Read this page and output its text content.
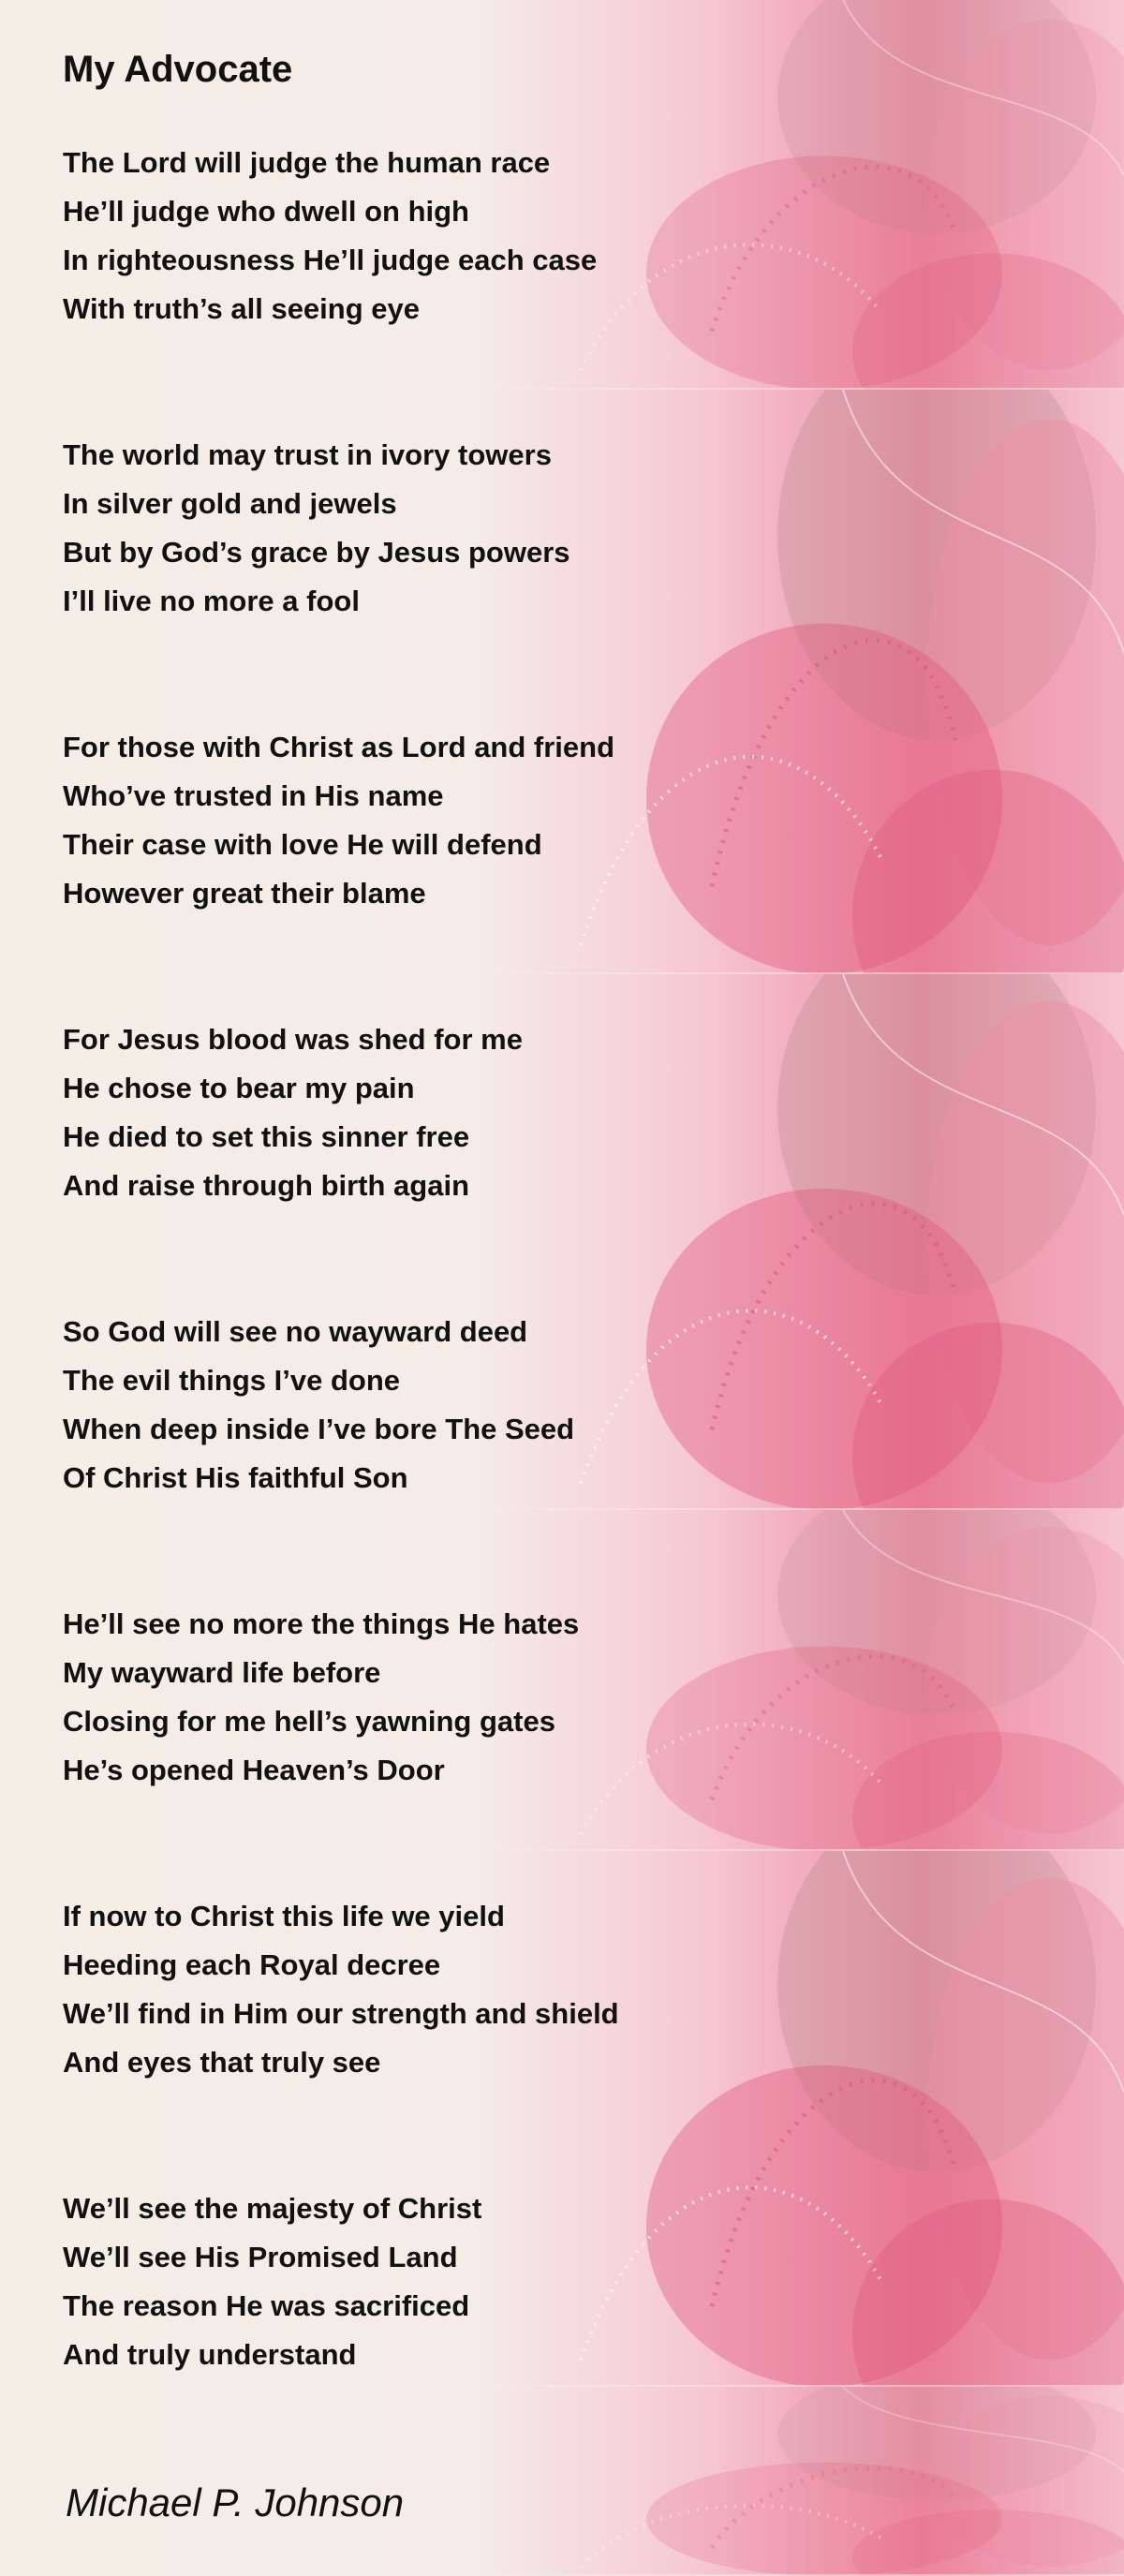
My Advocate
The Lord will judge the human race
He’ll judge who dwell on high
In righteousness He’ll judge each case
With truth’s all seeing eye
The world may trust in ivory towers
In silver gold and jewels
But by God’s grace by Jesus powers
I’ll live no more a fool
For those with Christ as Lord and friend
Who’ve trusted in His name
Their case with love He will defend
However great their blame
For Jesus blood was shed for me
He chose to bear my pain
He died to set this sinner free
And raise through birth again
So God will see no wayward deed
The evil things I’ve done
When deep inside I’ve bore The Seed
Of Christ His faithful Son
He’ll see no more the things He hates
My wayward life before
Closing for me hell’s yawning gates
He’s opened Heaven’s Door
If now to Christ this life we yield
Heeding each Royal decree
We’ll find in Him our strength and shield
And eyes that truly see
We’ll see the majesty of Christ
We’ll see His Promised Land
The reason He was sacrificed
And truly understand

Michael P. Johnson
